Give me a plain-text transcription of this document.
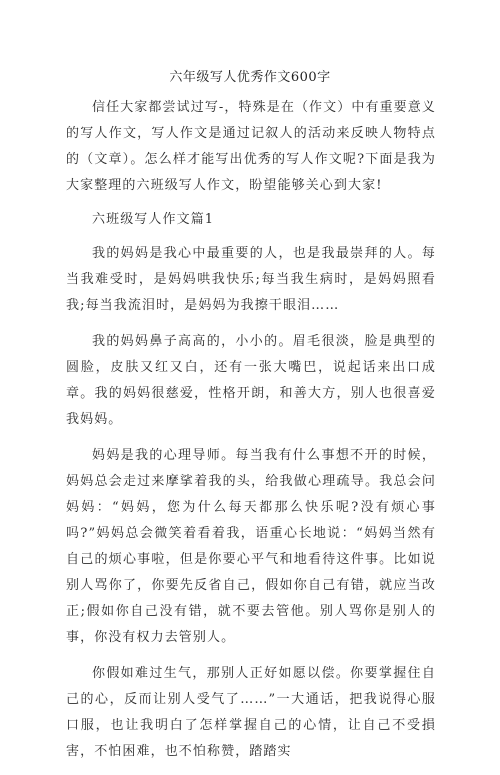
六年级写人优秀作文600字

信任大家都尝试过写-，特殊是在（作文）中有重要意义的写人作文，写人作文是通过记叙人的活动来反映人物特点的（文章）。怎么样才能写出优秀的写人作文呢?下面是我为大家整理的六班级写人作文，盼望能够关心到大家!

六班级写人作文篇1

我的妈妈是我心中最重要的人，也是我最崇拜的人。每当我难受时，是妈妈哄我快乐;每当我生病时，是妈妈照看我;每当我流泪时，是妈妈为我擦干眼泪……

我的妈妈鼻子高高的，小小的。眉毛很淡，脸是典型的圆脸，皮肤又红又白，还有一张大嘴巴，说起话来出口成章。我的妈妈很慈爱，性格开朗，和善大方，别人也很喜爱我妈妈。

妈妈是我的心理导师。每当我有什么事想不开的时候，妈妈总会走过来摩挲着我的头，给我做心理疏导。我总会问妈妈：“妈妈，您为什么每天都那么快乐呢?没有烦心事吗?”妈妈总会微笑着看着我，语重心长地说：“妈妈当然有自己的烦心事啦，但是你要心平气和地看待这件事。比如说别人骂你了，你要先反省自己，假如你自己有错，就应当改正;假如你自己没有错，就不要去管他。别人骂你是别人的事，你没有权力去管别人。

你假如难过生气，那别人正好如愿以偿。你要掌握住自己的心，反而让别人受气了……”一大通话，把我说得心服口服，也让我明白了怎样掌握自己的心情，让自己不受損害，不怕困难，也不怕称赞，踏踏实
